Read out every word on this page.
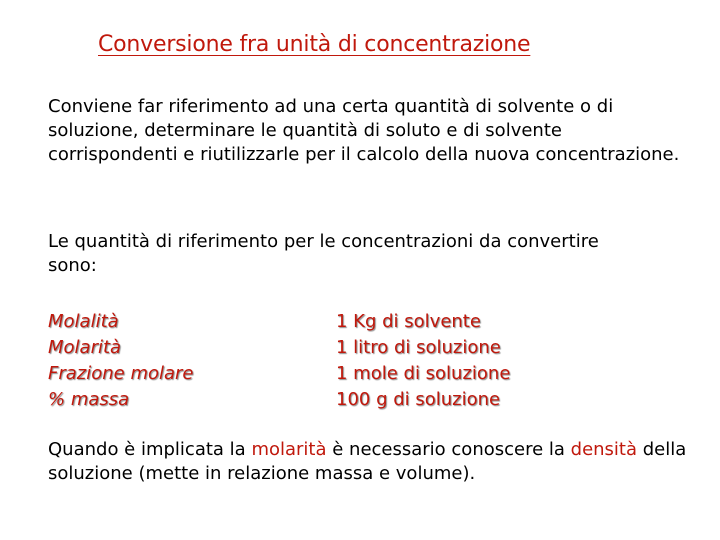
Conversione fra unità di concentrazione

Conviene far riferimento ad una certa quantità di solvente o di soluzione, determinare le quantità di soluto e di solvente corrispondenti e riutilizzarle per il calcolo della nuova concentrazione.

Le quantità di riferimento per le concentrazioni da convertire sono:

Molalità	1 Kg di solvente
Molarità	1 litro di soluzione
Frazione molare	1 mole di soluzione
% massa	100 g di soluzione

Quando è implicata la molarità è necessario conoscere la densità della soluzione (mette in relazione massa e volume).
